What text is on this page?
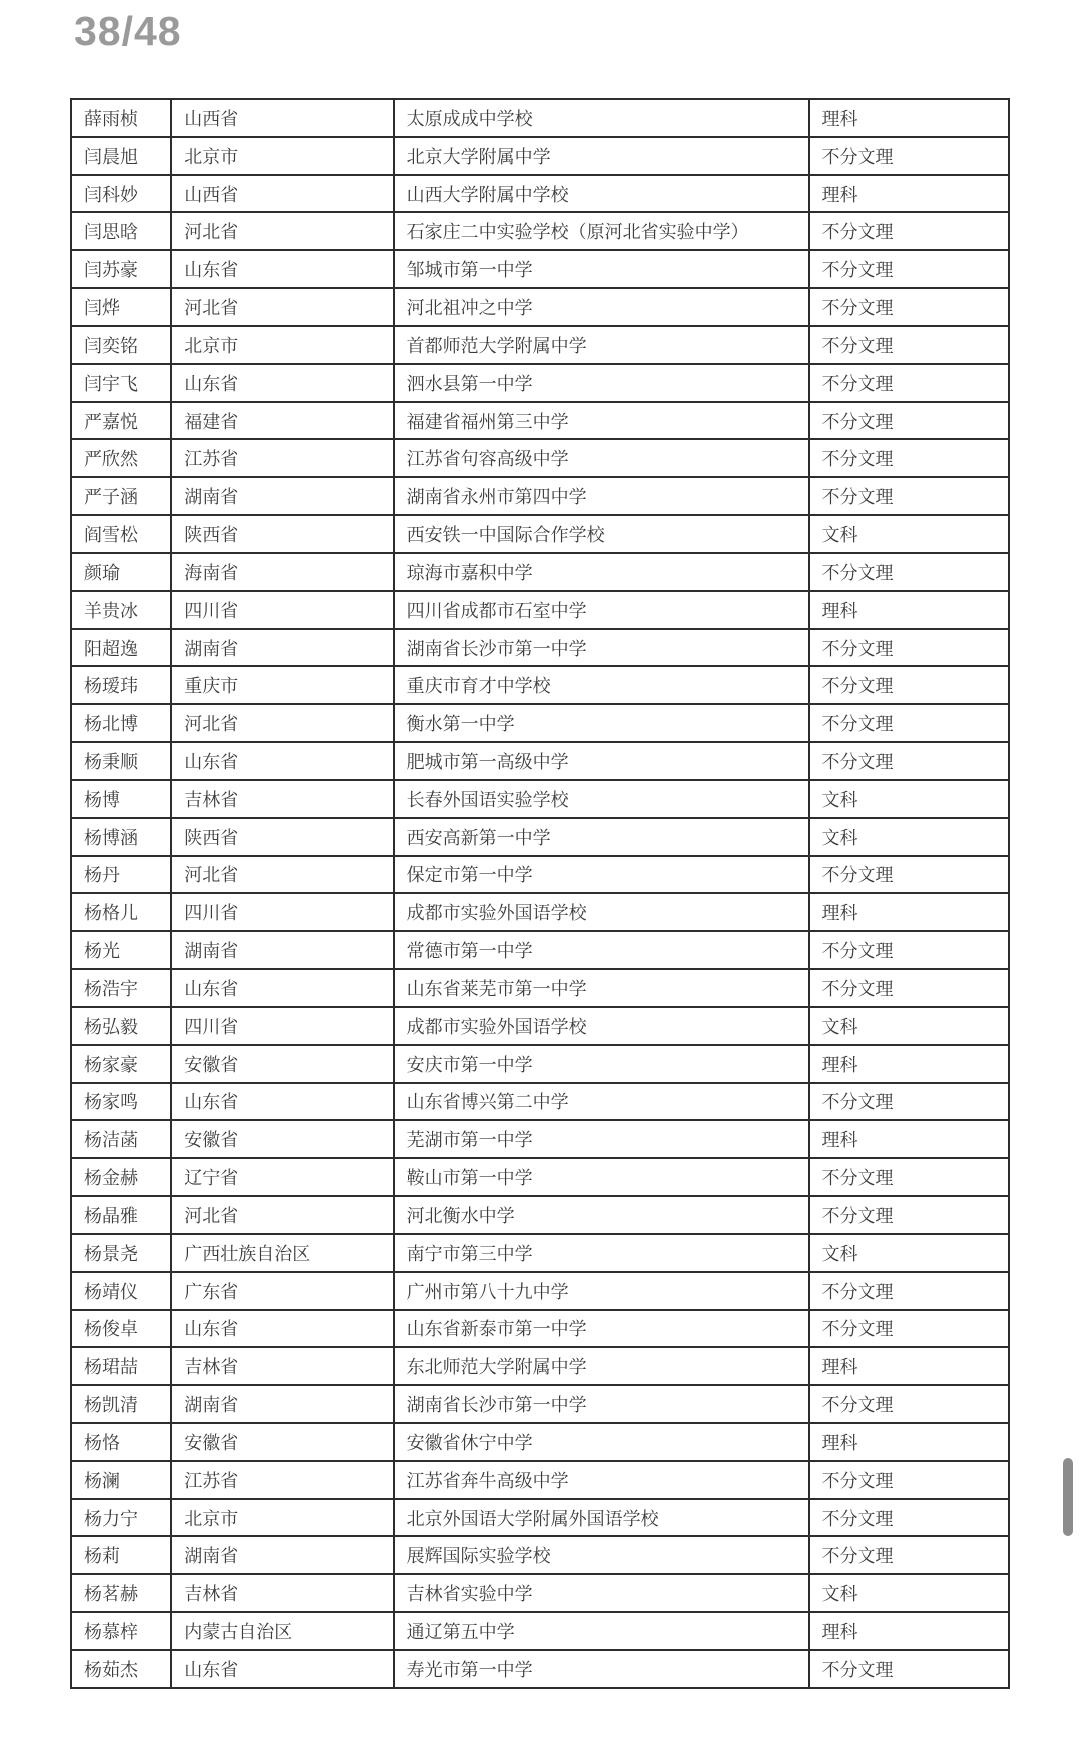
38/48
薛雨桢	山西省	太原成成中学校	理科
闫晨旭	北京市	北京大学附属中学	不分文理
闫科妙	山西省	山西大学附属中学校	理科
闫思晗	河北省	石家庄二中实验学校（原河北省实验中学）	不分文理
闫苏豪	山东省	邹城市第一中学	不分文理
闫烨	河北省	河北祖冲之中学	不分文理
闫奕铭	北京市	首都师范大学附属中学	不分文理
闫宇飞	山东省	泗水县第一中学	不分文理
严嘉悦	福建省	福建省福州第三中学	不分文理
严欣然	江苏省	江苏省句容高级中学	不分文理
严子涵	湖南省	湖南省永州市第四中学	不分文理
阎雪松	陕西省	西安铁一中国际合作学校	文科
颜瑜	海南省	琼海市嘉积中学	不分文理
羊贵冰	四川省	四川省成都市石室中学	理科
阳超逸	湖南省	湖南省长沙市第一中学	不分文理
杨瑷玮	重庆市	重庆市育才中学校	不分文理
杨北博	河北省	衡水第一中学	不分文理
杨秉顺	山东省	肥城市第一高级中学	不分文理
杨博	吉林省	长春外国语实验学校	文科
杨博涵	陕西省	西安高新第一中学	文科
杨丹	河北省	保定市第一中学	不分文理
杨格儿	四川省	成都市实验外国语学校	理科
杨光	湖南省	常德市第一中学	不分文理
杨浩宇	山东省	山东省莱芜市第一中学	不分文理
杨弘毅	四川省	成都市实验外国语学校	文科
杨家豪	安徽省	安庆市第一中学	理科
杨家鸣	山东省	山东省博兴第二中学	不分文理
杨洁菡	安徽省	芜湖市第一中学	理科
杨金赫	辽宁省	鞍山市第一中学	不分文理
杨晶雅	河北省	河北衡水中学	不分文理
杨景尧	广西壮族自治区	南宁市第三中学	文科
杨靖仪	广东省	广州市第八十九中学	不分文理
杨俊卓	山东省	山东省新泰市第一中学	不分文理
杨珺喆	吉林省	东北师范大学附属中学	理科
杨凯清	湖南省	湖南省长沙市第一中学	不分文理
杨恪	安徽省	安徽省休宁中学	理科
杨澜	江苏省	江苏省奔牛高级中学	不分文理
杨力宁	北京市	北京外国语大学附属外国语学校	不分文理
杨莉	湖南省	展辉国际实验学校	不分文理
杨茗赫	吉林省	吉林省实验中学	文科
杨慕梓	内蒙古自治区	通辽第五中学	理科
杨茹杰	山东省	寿光市第一中学	不分文理
